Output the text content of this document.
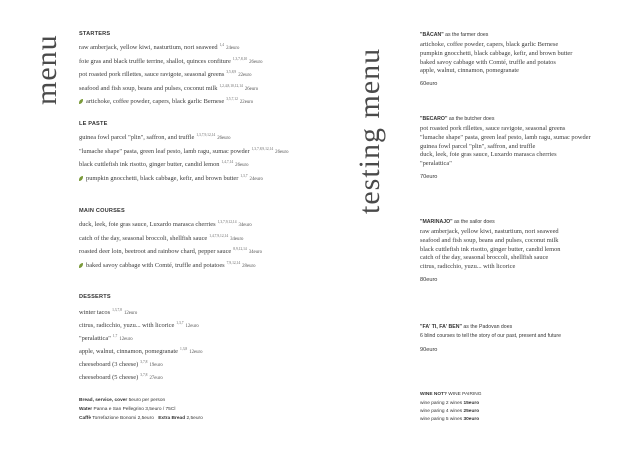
menu
STARTERS
raw amberjack, yellow kiwi, nasturtium, nori seaweed $^{1,4}$24euro
foie gras and black truffle terrine, shallot, quinces confiture $^{1,3,7,8,10}$26euro
pot roasted pork rillettes, sauce ravigote, seasonal greens $^{3,5,8,9}$22euro
seafood and fish soup, beans and pulses, coconut milk $^{1,2,4,8,10,12,14}$26euro
artichoke, coffee powder, capers, black garlic Bernese $^{3,5,7,12}$22euro
LE PASTE
guinea fowl parcel "plin", saffron, and truffle $^{1,3,7,9,12,14}$26euro
"lumache shape" pasta, green leaf pesto, lamb ragu, sumac powder $^{1,3,7,8,9,12,14}$26euro
black cuttlefish ink risotto, ginger butter, candid lemon $^{1,4,7,14}$26euro
pumpkin gnocchetti, black cabbage, kefir, and brown butter $^{1,3,7}$24euro
MAIN COURSES
duck, leek, foie gras sauce, Luxardo marasca cherries $^{1,3,7,9,12,14}$34euro
catch of the day, seasonal broccoli, shellfish sauce $^{1,4,7,9,12,14}$34euro
roasted deer loin, beetroot and rainbow chard, pepper sauce $^{8,9,12,14}$34euro
baked savoy cabbage with Comté, truffle and potatoes $^{7,9,12,14}$28euro
DESSERTS
winter tacos $^{1,3,7,8}$12euro
citrus, radicchio, yuzu... with licorice $^{1,3,7}$12euro
"peralattica" $^{1,7}$12euro
apple, walnut, cinnamon, pomegranate $^{1,3,8}$12euro
cheeseboard (3 cheese) $^{3,7,8}$19euro
cheeseboard (5 cheese) $^{3,7,8}$27euro
Bread, service, cover 5euro per person
Water Panna e San Pellegrino 3,5euro / 75Cl
Caffè Torrefazione Bonomi 2,5euro Extra Bread 2,5euro
testing menu
"BÀCAN" as the farmer does
artichoke, coffee powder, capers, black garlic Bernese
pumpkin gnocchetti, black cabbage, kefir, and brown butter
baked savoy cabbage with Comté, truffle and potatos
apple, walnut, cinnamon, pomegranate
60euro
"BECARO" as the butcher does
pot roasted pork rillettes, sauce ravigote, seasonal greens
"lumache shape" pasta, green leaf pesto, lamb ragu, sumac powder
guinea fowl parcel "plin", saffron, and truffle
duck, leek, foie gras sauce, Luxardo marasca cherries
"peralattica"
70euro
"MARINAJO" as the sailor does
raw amberjack, yellow kiwi, nasturtium, nori seaweed
seafood and fish soup, beans and pulses, coconut milk
black cuttlefish ink risotto, ginger butter, candid lemon
catch of the day, seasonal broccoli, shellfish sauce
citrus, radicchio, yuzu... with licorice
80euro
"FA' TI, FA' BEN" as the Padovan does
6 blind courses to tell the story of our past, present and future
90euro
WINE NOT? WINE PAIRING
wine paring 2 wines 15euro
wine paring 4 wines 25euro
wine paring 5 wines 30euro
